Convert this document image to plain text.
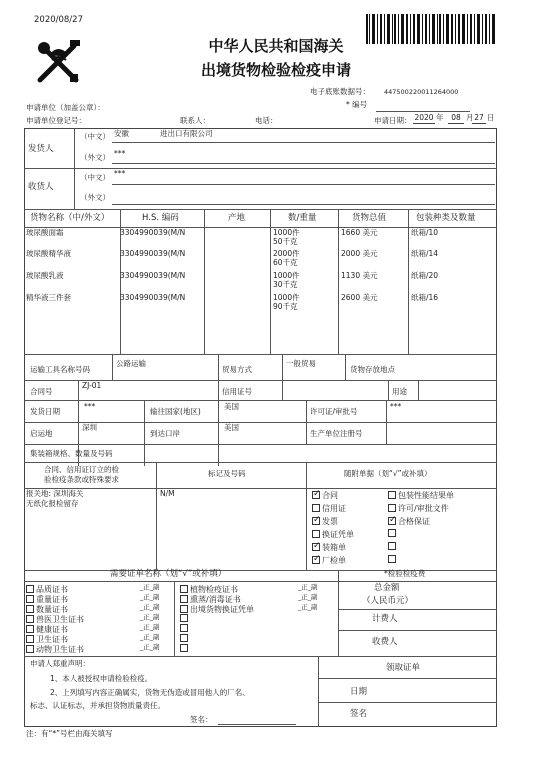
2020/08/27
中华人民共和国海关
出境货物检验检疫申请
电子底账数据号： 447500220011264000
* 编号
申请单位（加盖公章）：
申请单位登记号：	联系人：	电话：	申请日期： 2020 年	08 月 27 日
发货人
（中文） 安徽	进出口有限公司
（外文） ***
收货人
（中文） ***
（外文）
货物名称（中/外文）	H.S. 编码	产地	数/重量	货物总值	包装种类及数量
玻尿酸面霜	3304990039(M/N	1000件
50千克
1660 美元	纸箱/10
玻尿酸精华液	3304990039(M/N	2000件
60千克
2000 美元	纸箱/14
玻尿酸乳液	3304990039(M/N	1000件
30千克
1130 美元	纸箱/20
精华液三件套	3304990039(M/N	1000件
90千克
2600 美元	纸箱/16
运输工具名称号码
公路运输
贸易方式
一般贸易
货物存放地点
合同号
ZJ-01
信用证号	用途
发货日期
***
输往国家(地区)
美国
许可证/审批号
***
启运地
深圳
到达口岸
美国
生产单位注册号
集装箱规格、数量及号码
合同、信用证订立的检
验检疫条款或特殊要求
标记及号码	随附单据（划“√”或补填）
报关地: 深圳海关
无纸化报检留存
N/M
✓	合同
信用证
✓发票
换证凭单
✓装箱单
✓厂检单
包装性能结果单
许可/审批文件
✓合格保证
需要证单名称（划“√”或补填）	*检验检疫费
品质证书	_正_副
重量证书	_正_副
数量证书	_正_副
兽医卫生证书	_正_副
健康证书	_正_副
卫生证书	_正_副
动物卫生证书	_正_副
植物检疫证书	_正_副
熏蒸/消毒证书	_正_副
出境货物换证凭单	_正_副
总金额
（人民币元）
计费人
收费人
申请人郑重声明：
1、本人被授权申请检验检疫。
2、上列填写内容正确属实，货物无伪造或冒用他人的厂名、
标志、认证标志，并承担货物质量责任。
签名：
领取证单
日期
签名
注：有“*”号栏由海关填写
